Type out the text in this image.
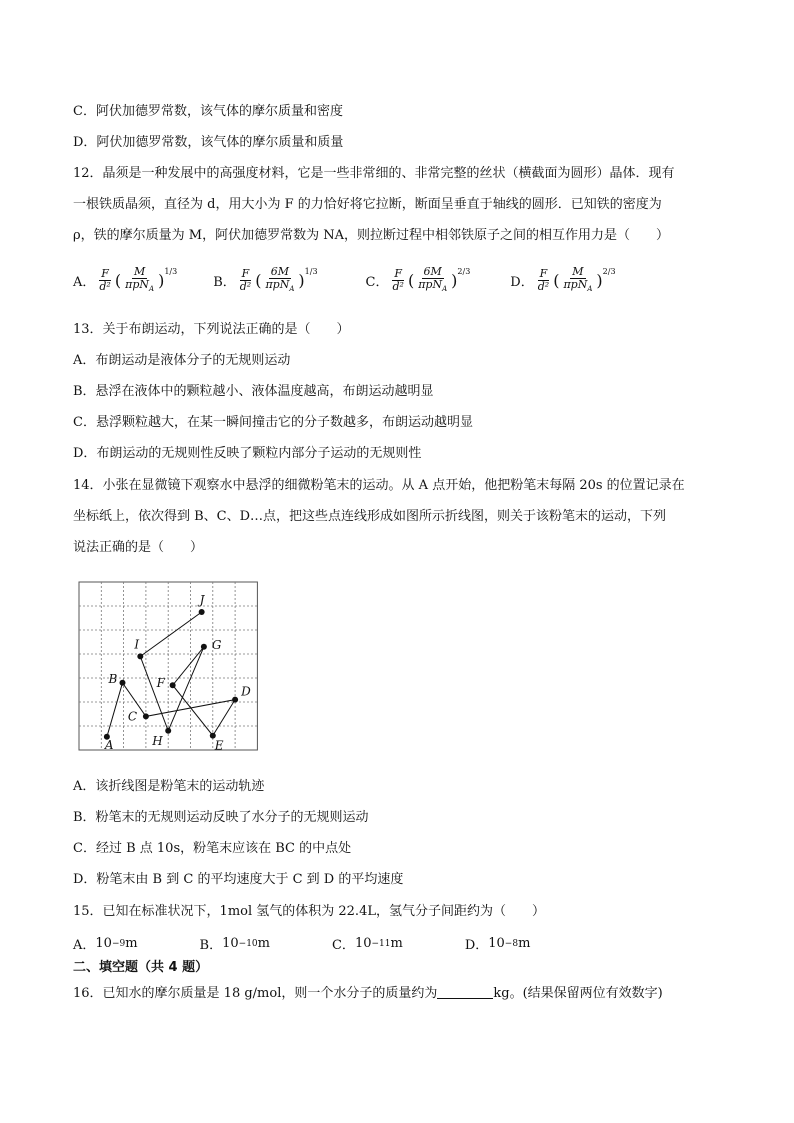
C．阿伏加德罗常数，该气体的摩尔质量和密度
D．阿伏加德罗常数，该气体的摩尔质量和质量
12．晶须是一种发展中的高强度材料，它是一些非常细的、非常完整的丝状（横截面为圆形）晶体．现有
一根铁质晶须，直径为 d，用大小为 F 的力恰好将它拉断，断面呈垂直于轴线的圆形．已知铁的密度为
ρ，铁的摩尔质量为 M，阿伏加德罗常数为 NA，则拉断过程中相邻铁原子之间的相互作用力是（　　）
A． $\frac{F}{\text{d²}}$ ( $\frac{M}{\pi pN_A} )^{1/3}$
B． $\frac{F}{\text{d²}}$ ( $\frac{6M}{\pi pN_A} )^{1/3}$
C． $\frac{F}{\text{d²}}$ ( $\frac{6M}{\pi pN_A} )^{2/3}$
D． $\frac{F}{\text{d²}}$ ( $\frac{M}{\pi pN_A} )^{2/3}$
13．关于布朗运动，下列说法正确的是（　　）
A．布朗运动是液体分子的无规则运动
B．悬浮在液体中的颗粒越小、液体温度越高，布朗运动越明显
C．悬浮颗粒越大，在某一瞬间撞击它的分子数越多，布朗运动越明显
D．布朗运动的无规则性反映了颗粒内部分子运动的无规则性
14．小张在显微镜下观察水中悬浮的细微粉笔末的运动。从 A 点开始，他把粉笔末每隔 20s 的位置记录在
坐标纸上，依次得到 B、C、D…点，把这些点连线形成如图所示折线图，则关于该粉笔末的运动，下列
说法正确的是（　　）
A
B
C
D
E
F
G
H
I
J
A．该折线图是粉笔末的运动轨迹
B．粉笔末的无规则运动反映了水分子的无规则运动
C．经过 B 点 10s，粉笔末应该在 BC 的中点处
D．粉笔末由 B 到 C 的平均速度大于 C 到 D 的平均速度
15．已知在标准状况下，1mol 氢气的体积为 22.4L，氢气分子间距约为（　　）
A． 10 −9 m	B． 10 −10 m	C． 10 −11 m	D． 10 −8 m
二、填空题（共 4 题）
16．已知水的摩尔质量是 18 g/mol，则一个水分子的质量约为	kg。(结果保留两位有效数字)
